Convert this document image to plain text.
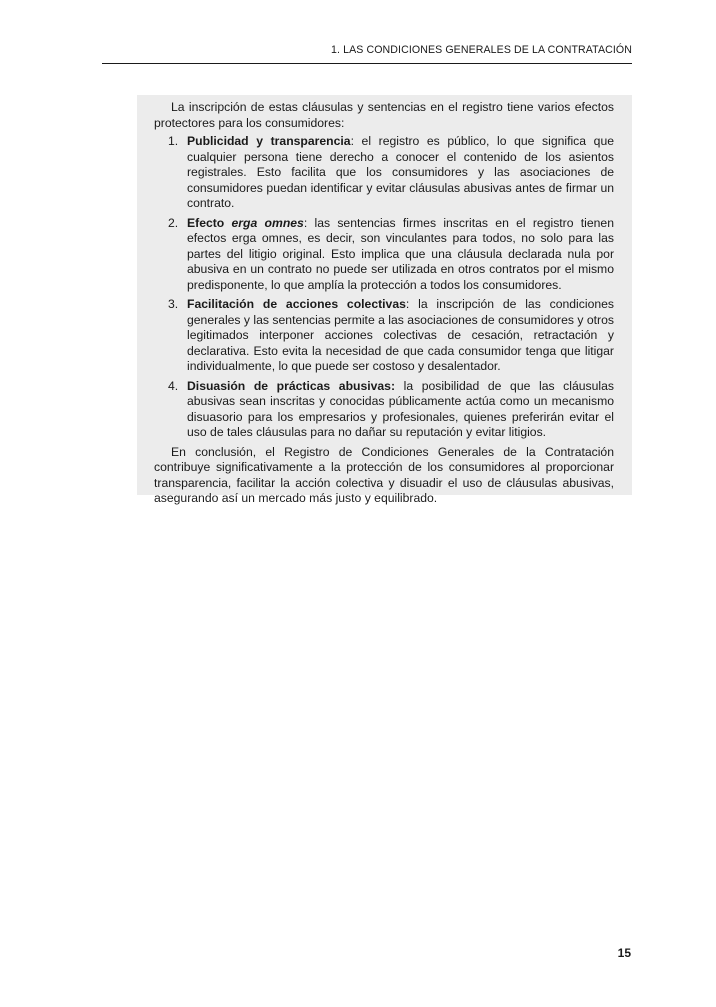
1. LAS CONDICIONES GENERALES DE LA CONTRATACIÓN

La inscripción de estas cláusulas y sentencias en el registro tiene varios efectos protectores para los consumidores:

1. Publicidad y transparencia: el registro es público, lo que significa que cualquier persona tiene derecho a conocer el contenido de los asientos registrales. Esto facilita que los consumidores y las asociaciones de consumidores puedan identificar y evitar cláusulas abusivas antes de firmar un contrato.
2. Efecto erga omnes: las sentencias firmes inscritas en el registro tienen efectos erga omnes, es decir, son vinculantes para todos, no solo para las partes del litigio original. Esto implica que una cláusula declarada nula por abusiva en un contrato no puede ser utilizada en otros contratos por el mismo predisponente, lo que amplía la protección a todos los consumidores.
3. Facilitación de acciones colectivas: la inscripción de las condiciones generales y las sentencias permite a las asociaciones de consumidores y otros legitimados interponer acciones colectivas de cesación, retractación y declarativa. Esto evita la necesidad de que cada consumidor tenga que litigar individualmente, lo que puede ser costoso y desalentador.
4. Disuasión de prácticas abusivas: la posibilidad de que las cláusulas abusivas sean inscritas y conocidas públicamente actúa como un mecanismo disuasorio para los empresarios y profesionales, quienes preferirán evitar el uso de tales cláusulas para no dañar su reputación y evitar litigios.

En conclusión, el Registro de Condiciones Generales de la Contratación contribuye significativamente a la protección de los consumidores al proporcionar transparencia, facilitar la acción colectiva y disuadir el uso de cláusulas abusivas, asegurando así un mercado más justo y equilibrado.

15
